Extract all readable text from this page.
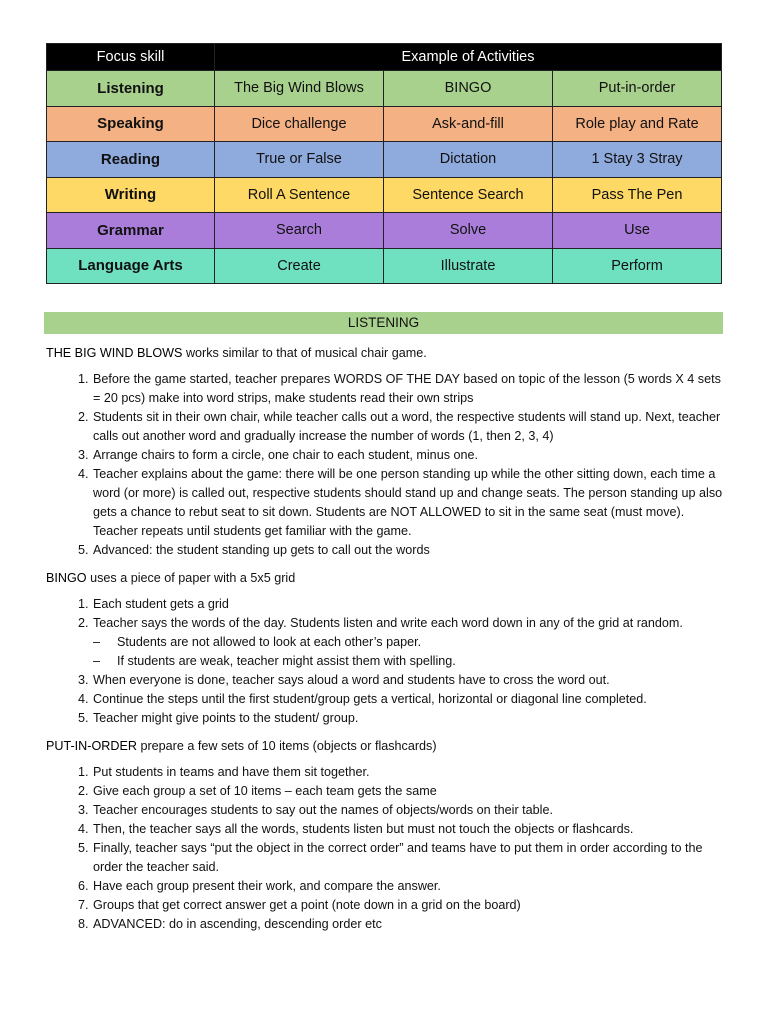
Focus skill	Example of Activities		
Listening	The Big Wind Blows	BINGO	Put-in-order
Speaking	Dice challenge	Ask-and-fill	Role play and Rate
Reading	True or False	Dictation	1 Stay 3 Stray
Writing	Roll A Sentence	Sentence Search	Pass The Pen
Grammar	Search	Solve	Use
Language Arts	Create	Illustrate	Perform
LISTENING

THE BIG WIND BLOWS works similar to that of musical chair game.

1. Before the game started, teacher prepares WORDS OF THE DAY based on topic of the lesson (5 words X 4 sets = 20 pcs) make into word strips, make students read their own strips
2. Students sit in their own chair, while teacher calls out a word, the respective students will stand up. Next, teacher calls out another word and gradually increase the number of words (1, then 2, 3, 4)
3. Arrange chairs to form a circle, one chair to each student, minus one.
4. Teacher explains about the game: there will be one person standing up while the other sitting down, each time a word (or more) is called out, respective students should stand up and change seats. The person standing up also gets a chance to rebut seat to sit down. Students are NOT ALLOWED to sit in the same seat (must move). Teacher repeats until students get familiar with the game.
5. Advanced: the student standing up gets to call out the words

BINGO uses a piece of paper with a 5x5 grid

1. Each student gets a grid
2. Teacher says the words of the day. Students listen and write each word down in any of the grid at random.
– Students are not allowed to look at each other’s paper.
– If students are weak, teacher might assist them with spelling.
3. When everyone is done, teacher says aloud a word and students have to cross the word out.
4. Continue the steps until the first student/group gets a vertical, horizontal or diagonal line completed.
5. Teacher might give points to the student/ group.

PUT-IN-ORDER prepare a few sets of 10 items (objects or flashcards)

1. Put students in teams and have them sit together.
2. Give each group a set of 10 items – each team gets the same
3. Teacher encourages students to say out the names of objects/words on their table.
4. Then, the teacher says all the words, students listen but must not touch the objects or flashcards.
5. Finally, teacher says “put the object in the correct order” and teams have to put them in order according to the order the teacher said.
6. Have each group present their work, and compare the answer.
7. Groups that get correct answer get a point (note down in a grid on the board)
8. ADVANCED: do in ascending, descending order etc
